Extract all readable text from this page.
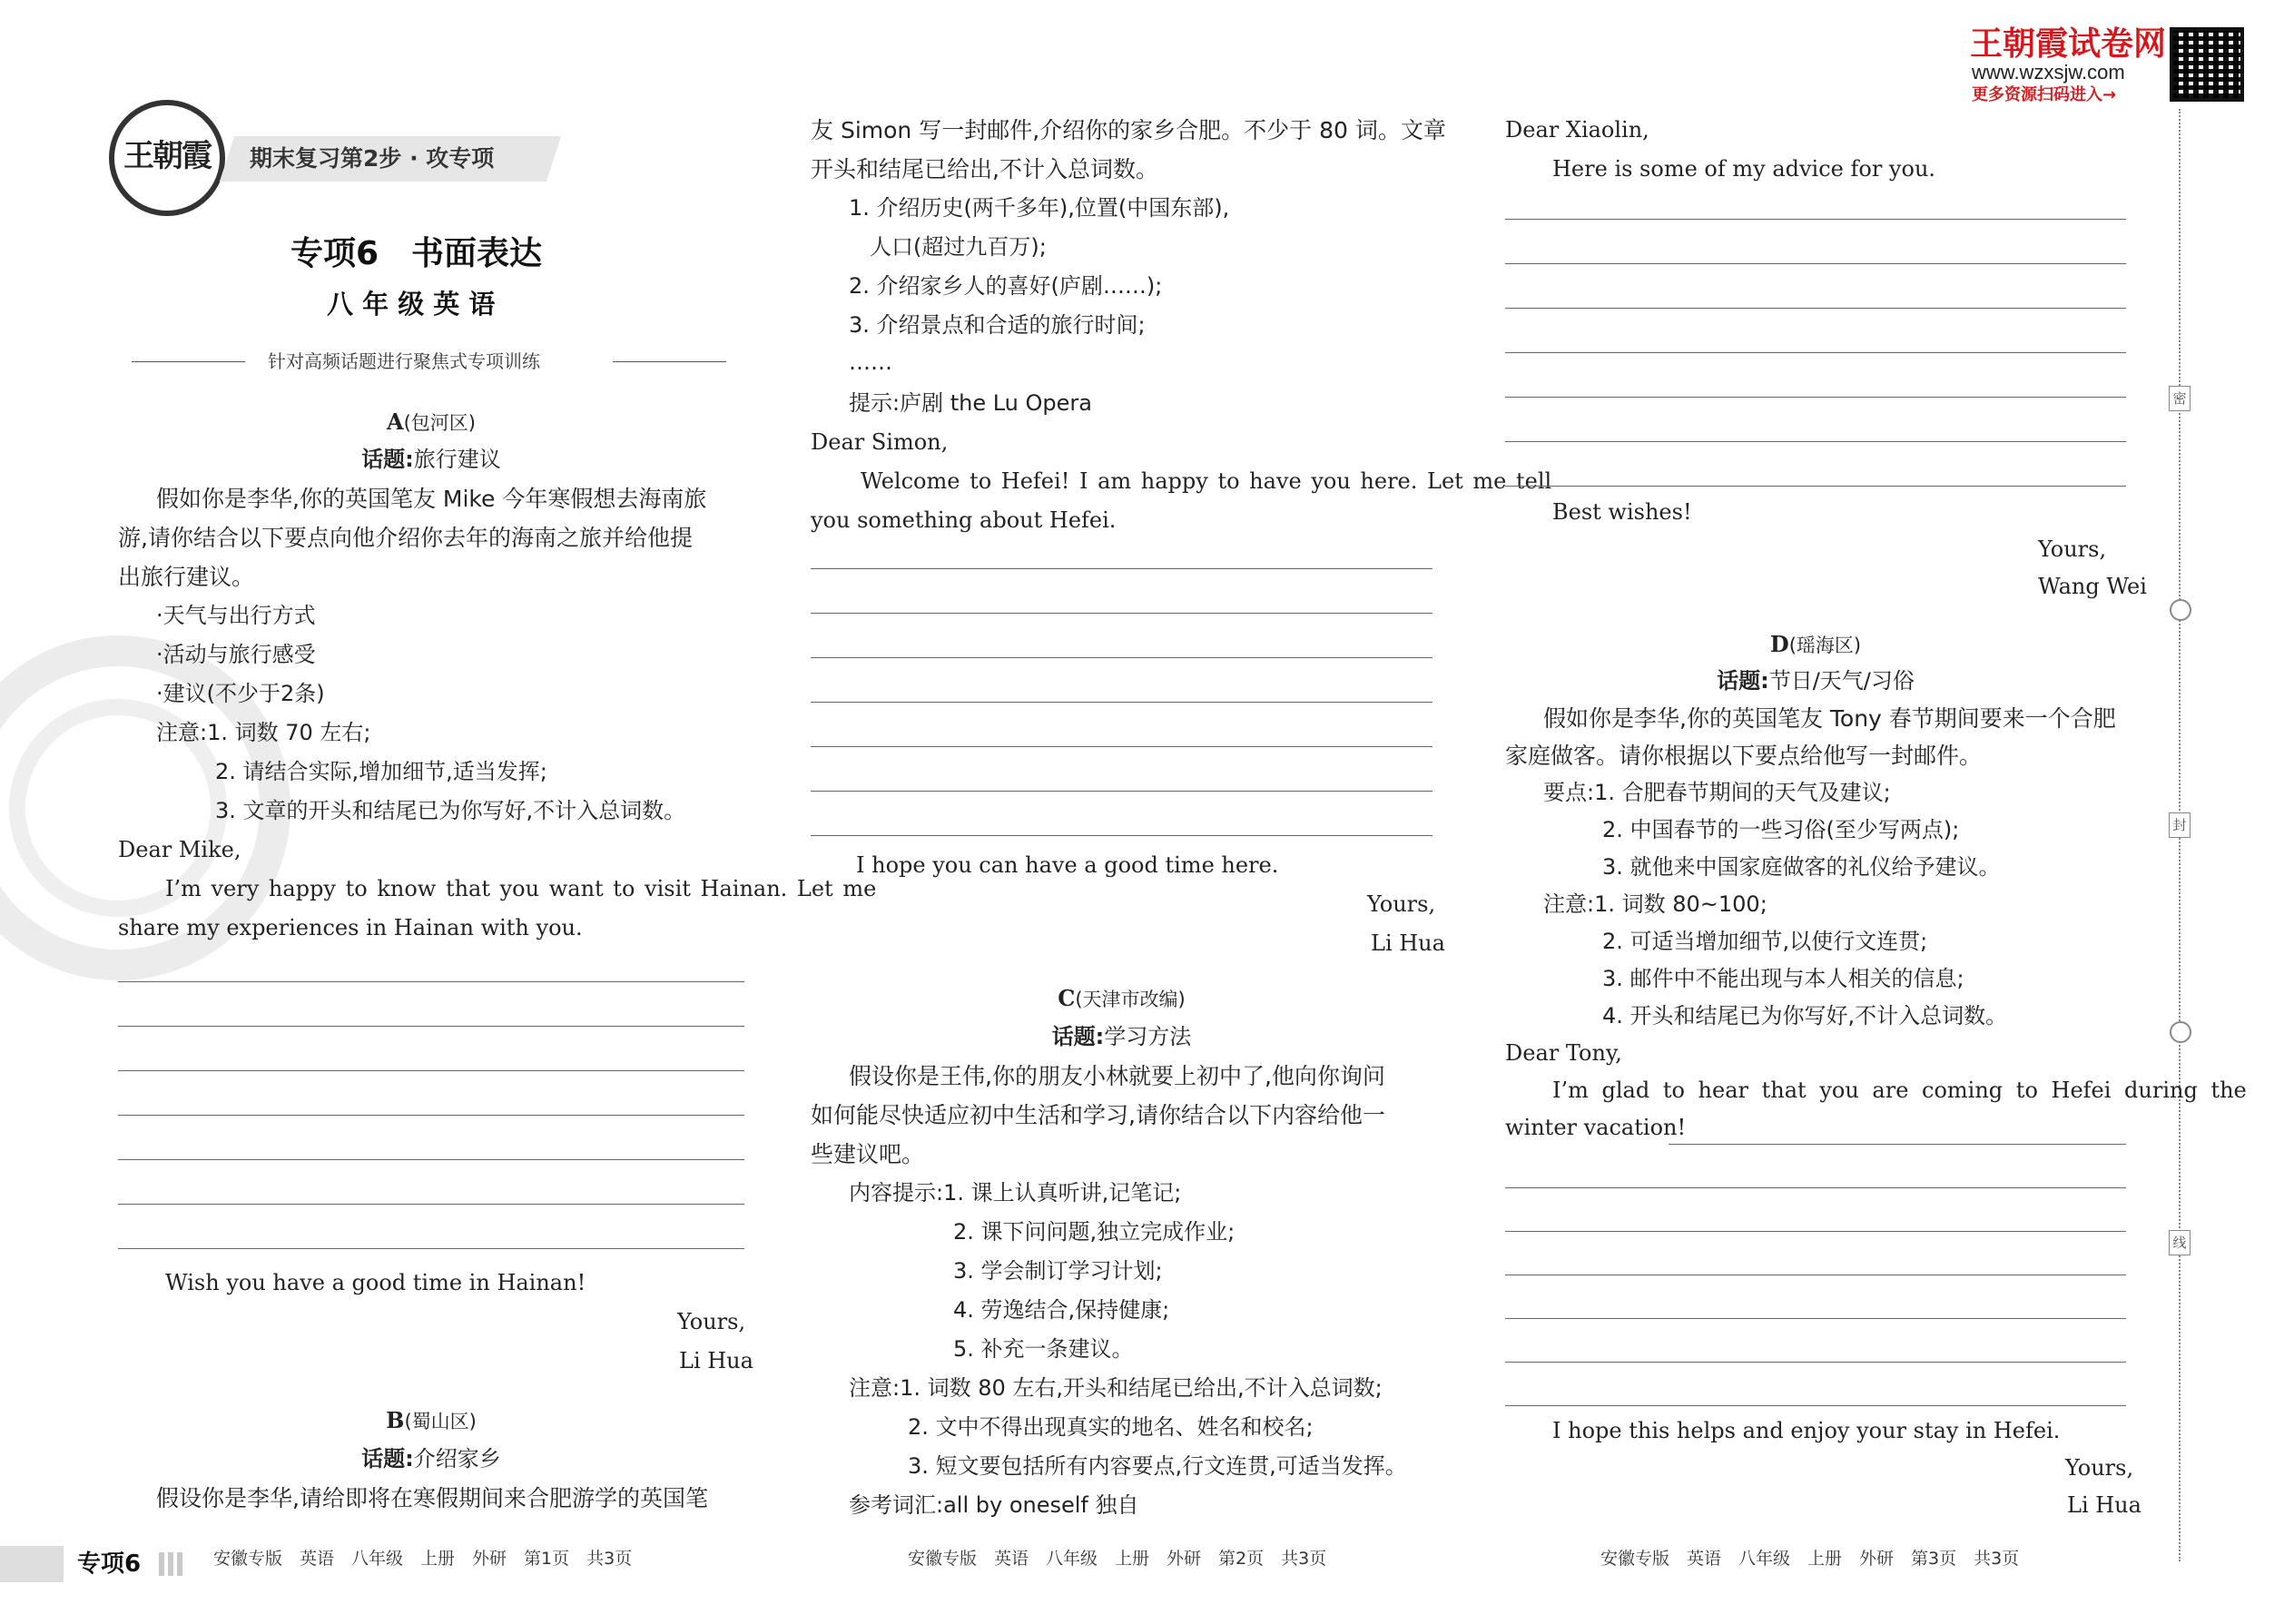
王朝霞	期末复习第2步 · 攻专项
专项6　书面表达
八 年 级 英 语
针对高频话题进行聚焦式专项训练
王朝霞试卷网
www.wzxsjw.com
更多资源扫码进入→
密
封
线
A(包河区)
话题:旅行建议
假如你是李华,你的英国笔友 Mike 今年寒假想去海南旅
游,请你结合以下要点向他介绍你去年的海南之旅并给他提
出旅行建议。
·天气与出行方式
·活动与旅行感受
·建议(不少于2条)
注意:1. 词数 70 左右;
2. 请结合实际,增加细节,适当发挥;
3. 文章的开头和结尾已为你写好,不计入总词数。
Dear Mike,
I’m very happy to know that you want to visit Hainan. Let me
share my experiences in Hainan with you.
Wish you have a good time in Hainan!
Yours,
Li Hua
B(蜀山区)
话题:介绍家乡
假设你是李华,请给即将在寒假期间来合肥游学的英国笔
友 Simon 写一封邮件,介绍你的家乡合肥。不少于 80 词。文章
开头和结尾已给出,不计入总词数。
1. 介绍历史(两千多年),位置(中国东部),
人口(超过九百万);
2. 介绍家乡人的喜好(庐剧……);
3. 介绍景点和合适的旅行时间;
……
提示:庐剧 the Lu Opera
Dear Simon,
Welcome to Hefei! I am happy to have you here. Let me tell
you something about Hefei.
I hope you can have a good time here.
Yours,
Li Hua
C(天津市改编)
话题:学习方法
假设你是王伟,你的朋友小林就要上初中了,他向你询问
如何能尽快适应初中生活和学习,请你结合以下内容给他一
些建议吧。
内容提示:1. 课上认真听讲,记笔记;
2. 课下问问题,独立完成作业;
3. 学会制订学习计划;
4. 劳逸结合,保持健康;
5. 补充一条建议。
注意:1. 词数 80 左右,开头和结尾已给出,不计入总词数;
2. 文中不得出现真实的地名、姓名和校名;
3. 短文要包括所有内容要点,行文连贯,可适当发挥。
参考词汇:all by oneself 独自
Dear Xiaolin,
Here is some of my advice for you.
Best wishes!
Yours,
Wang Wei
D(瑶海区)
话题:节日/天气/习俗
假如你是李华,你的英国笔友 Tony 春节期间要来一个合肥
家庭做客。请你根据以下要点给他写一封邮件。
要点:1. 合肥春节期间的天气及建议;
2. 中国春节的一些习俗(至少写两点);
3. 就他来中国家庭做客的礼仪给予建议。
注意:1. 词数 80~100;
2. 可适当增加细节,以使行文连贯;
3. 邮件中不能出现与本人相关的信息;
4. 开头和结尾已为你写好,不计入总词数。
Dear Tony,
I’m glad to hear that you are coming to Hefei during the
winter vacation!
I hope this helps and enjoy your stay in Hefei.
Yours,
Li Hua
专项6	安徽专版　英语　八年级　上册　外研　第1页　共3页	安徽专版　英语　八年级　上册　外研　第2页　共3页	安徽专版　英语　八年级　上册　外研　第3页　共3页
